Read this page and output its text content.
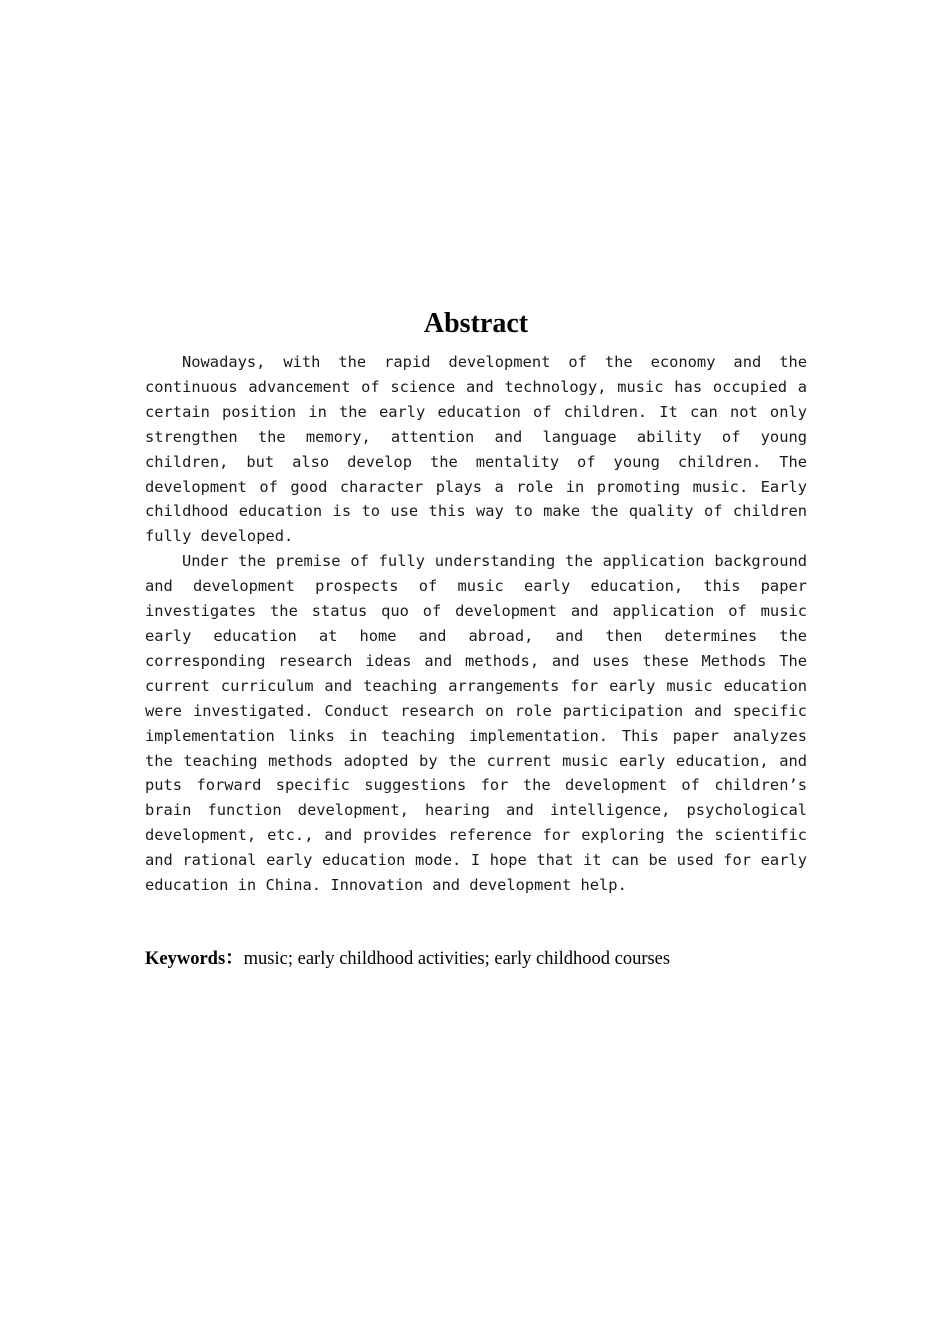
Abstract

Nowadays, with the rapid development of the economy and the continuous advancement of science and technology, music has occupied a certain position in the early education of children. It can not only strengthen the memory, attention and language ability of young children, but also develop the mentality of young children. The development of good character plays a role in promoting music. Early childhood education is to use this way to make the quality of children fully developed.

Under the premise of fully understanding the application background and development prospects of music early education, this paper investigates the status quo of development and application of music early education at home and abroad, and then determines the corresponding research ideas and methods, and uses these Methods The current curriculum and teaching arrangements for early music education were investigated. Conduct research on role participation and specific implementation links in teaching implementation. This paper analyzes the teaching methods adopted by the current music early education, and puts forward specific suggestions for the development of children’s brain function development, hearing and intelligence, psychological development, etc., and provides reference for exploring the scientific and rational early education mode. I hope that it can be used for early education in China. Innovation and development help.

Keywords：music; early childhood activities; early childhood courses
